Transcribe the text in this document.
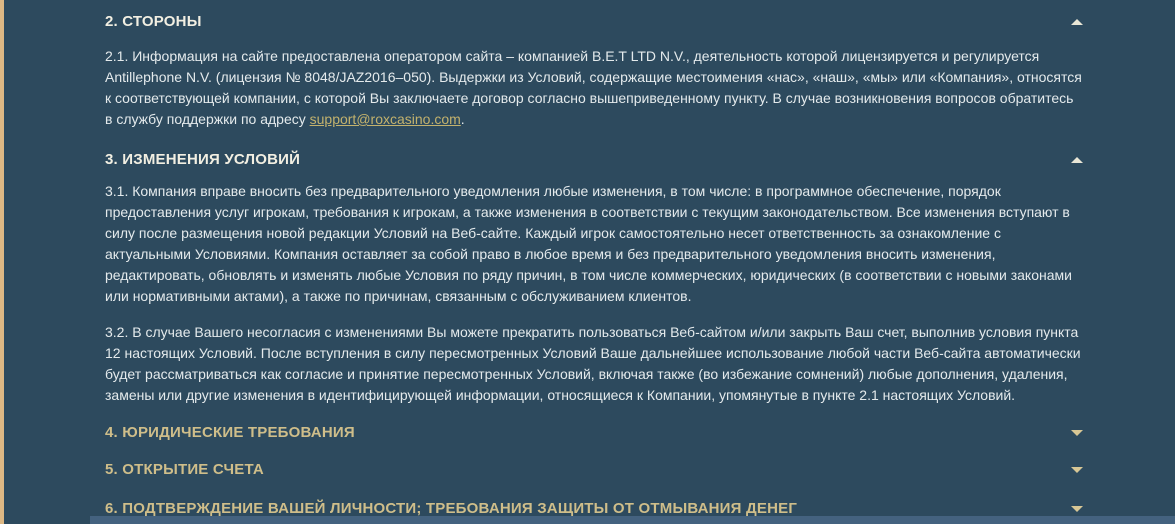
2. СТОРОНЫ

2.1. Информация на сайте предоставлена оператором сайта – компанией B.E.T LTD N.V., деятельность которой лицензируется и регулируется Antillephone N.V. (лицензия № 8048/JAZ2016–050). Выдержки из Условий, содержащие местоимения «нас», «наш», «мы» или «Компания», относятся к соответствующей компании, с которой Вы заключаете договор согласно вышеприведенному пункту. В случае возникновения вопросов обратитесь в службу поддержки по адресу support@roxcasino.com.

3. ИЗМЕНЕНИЯ УСЛОВИЙ

3.1. Компания вправе вносить без предварительного уведомления любые изменения, в том числе: в программное обеспечение, порядок предоставления услуг игрокам, требования к игрокам, а также изменения в соответствии с текущим законодательством. Все изменения вступают в силу после размещения новой редакции Условий на Веб-сайте. Каждый игрок самостоятельно несет ответственность за ознакомление с актуальными Условиями. Компания оставляет за собой право в любое время и без предварительного уведомления вносить изменения, редактировать, обновлять и изменять любые Условия по ряду причин, в том числе коммерческих, юридических (в соответствии с новыми законами или нормативными актами), а также по причинам, связанным с обслуживанием клиентов.

3.2. В случае Вашего несогласия с изменениями Вы можете прекратить пользоваться Веб-сайтом и/или закрыть Ваш счет, выполнив условия пункта 12 настоящих Условий. После вступления в силу пересмотренных Условий Ваше дальнейшее использование любой части Веб-сайта автоматически будет рассматриваться как согласие и принятие пересмотренных Условий, включая также (во избежание сомнений) любые дополнения, удаления, замены или другие изменения в идентифицирующей информации, относящиеся к Компании, упомянутые в пункте 2.1 настоящих Условий.

4. ЮРИДИЧЕСКИЕ ТРЕБОВАНИЯ
5. ОТКРЫТИЕ СЧЕТА
6. ПОДТВЕРЖДЕНИЕ ВАШЕЙ ЛИЧНОСТИ; ТРЕБОВАНИЯ ЗАЩИТЫ ОТ ОТМЫВАНИЯ ДЕНЕГ
